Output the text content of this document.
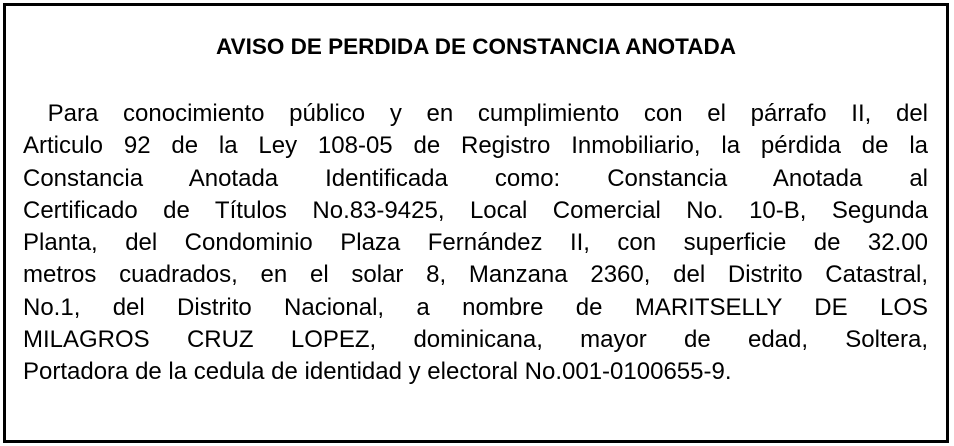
AVISO DE PERDIDA DE CONSTANCIA ANOTADA
Para conocimiento público y en cumplimiento con el párrafo II, del
Articulo 92 de la Ley 108-05 de Registro Inmobiliario, la pérdida de la
Constancia Anotada Identificada como: Constancia Anotada al
Certificado de Títulos No.83-9425, Local Comercial No. 10-B, Segunda
Planta, del Condominio Plaza Fernández II, con superficie de 32.00
metros cuadrados, en el solar 8, Manzana 2360, del Distrito Catastral,
No.1, del Distrito Nacional, a nombre de MARITSELLY DE LOS
MILAGROS CRUZ LOPEZ, dominicana, mayor de edad, Soltera,
Portadora de la cedula de identidad y electoral No.001-0100655-9.
